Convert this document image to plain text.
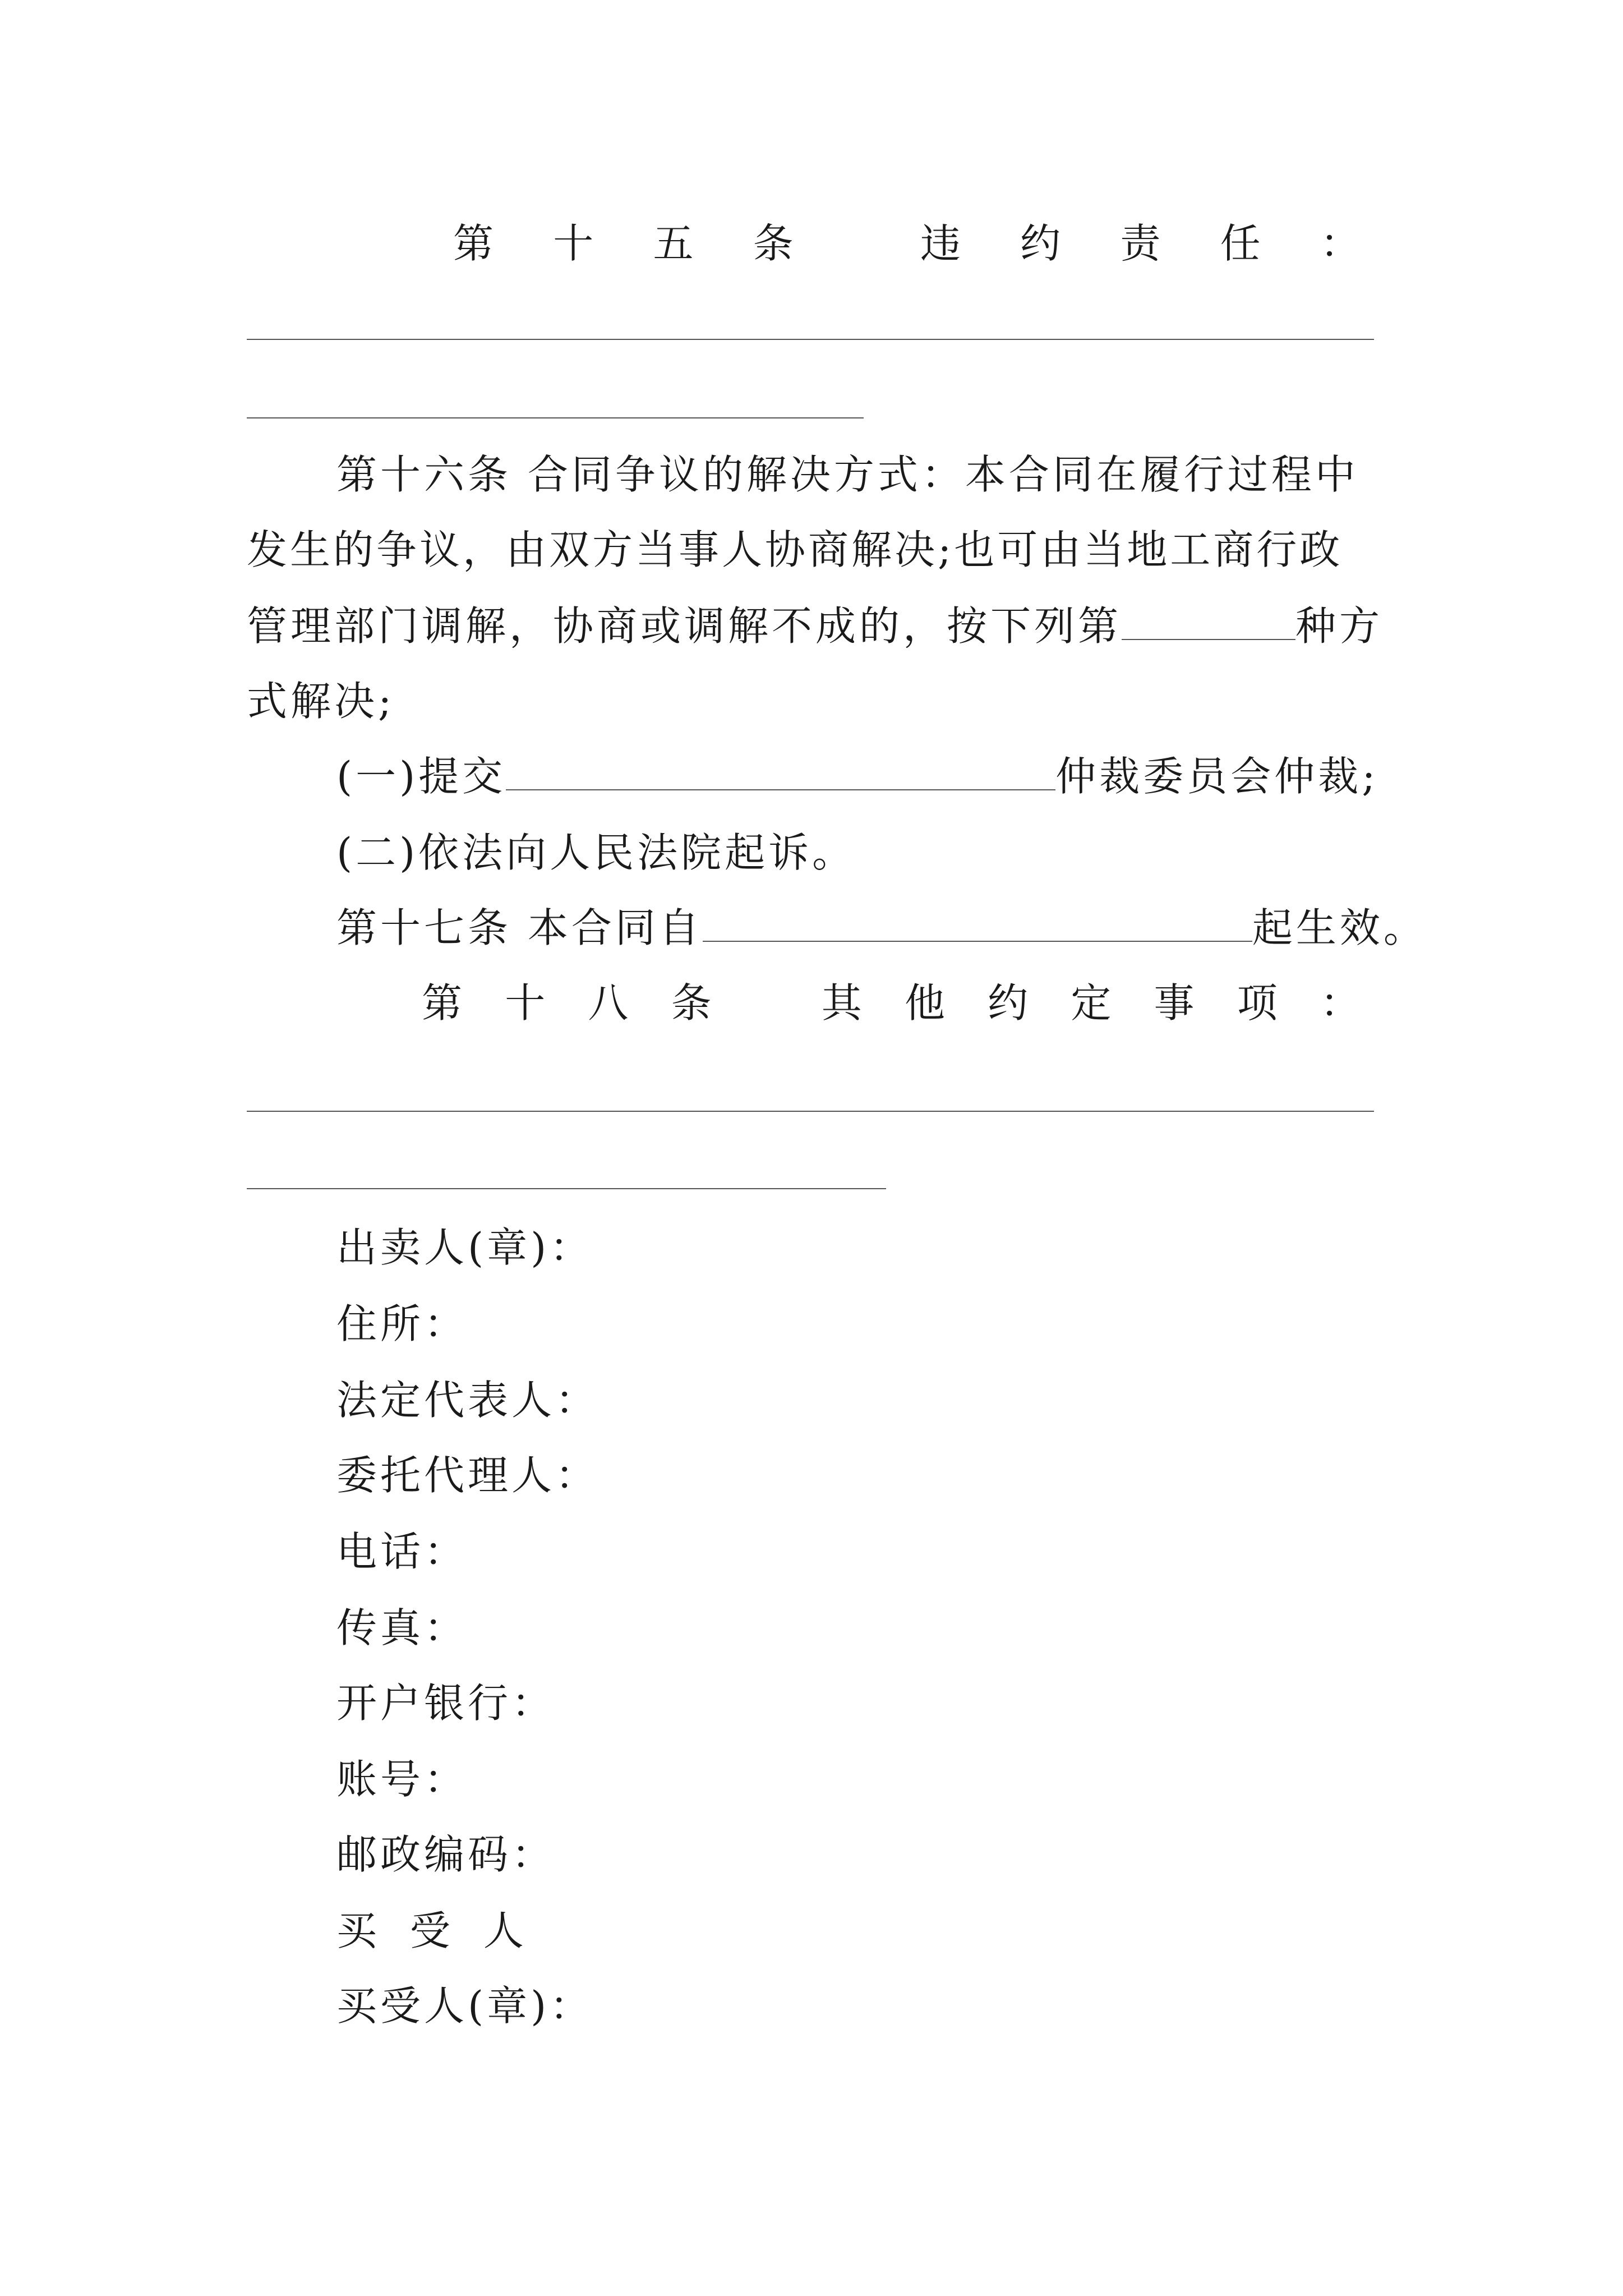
第 十 五 条	违 约 责 任 ：
第十六条 合同争议的解决方式：本合同在履行过程中
发生的争议，由双方当事人协商解决;也可由当地工商行政
管理部门调解，协商或调解不成的，按下列第	种方
式解决;
(一)提交	仲裁委员会仲裁;
(二)依法向人民法院起诉。
第十七条 本合同自	起生效。
第 十 八 条	其 他 约 定 事 项 ：
出卖人(章)：
住所：
法定代表人：
委托代理人：
电话：
传真：
开户银行：
账号：
邮政编码：
买 受 人
买受人(章)：
